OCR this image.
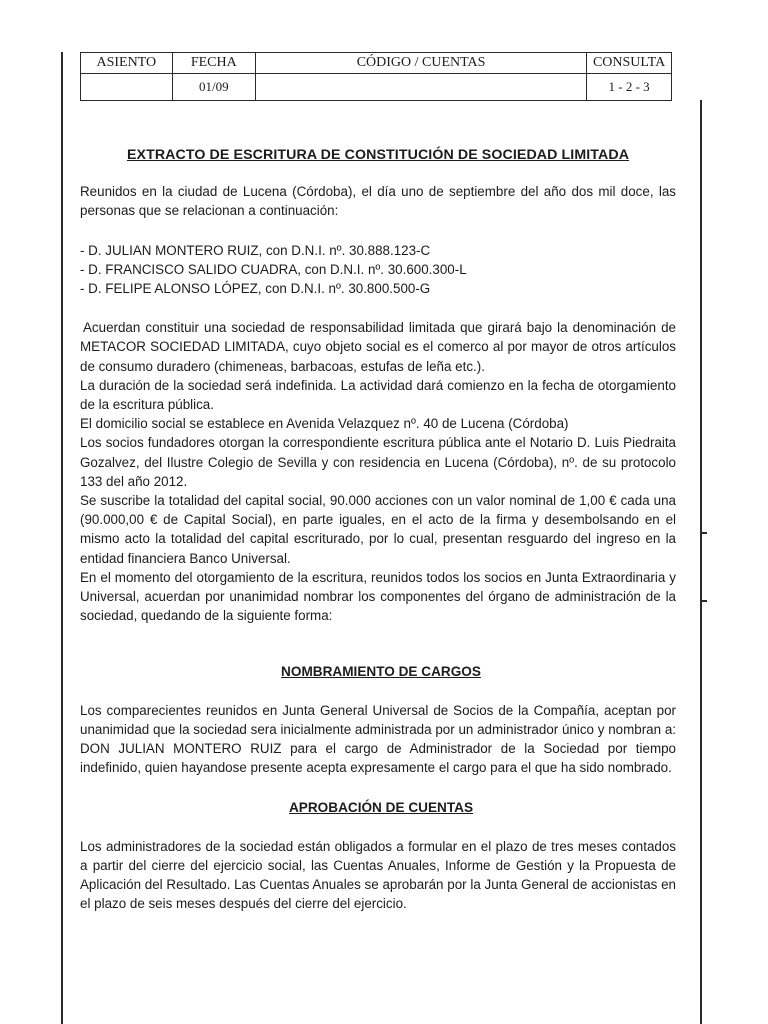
ASIENTO	FECHA	CÓDIGO / CUENTAS	CONSULTA
	01/09		1 - 2 - 3
EXTRACTO DE ESCRITURA DE CONSTITUCIÓN DE SOCIEDAD LIMITADA

Reunidos en la ciudad de Lucena (Córdoba), el día uno de septiembre del año dos mil doce, las personas que se relacionan a continuación:

- D. JULIAN MONTERO RUIZ, con D.N.I. nº. 30.888.123-C

- D. FRANCISCO SALIDO CUADRA, con D.N.I. nº. 30.600.300-L

- D. FELIPE ALONSO LÓPEZ, con D.N.I. nº. 30.800.500-G

Acuerdan constituir una sociedad de responsabilidad limitada que girará bajo la denominación de METACOR SOCIEDAD LIMITADA, cuyo objeto social es el comerco al por mayor de otros artículos de consumo duradero (chimeneas, barbacoas, estufas de leña etc.).

La duración de la sociedad será indefinida. La actividad dará comienzo en la fecha de otorgamiento de la escritura pública.

El domicilio social se establece en Avenida Velazquez nº. 40 de Lucena (Córdoba)

Los socios fundadores otorgan la correspondiente escritura pública ante el Notario D. Luis Piedraita Gozalvez, del Ilustre Colegio de Sevilla y con residencia en Lucena (Córdoba), nº. de su protocolo 133 del año 2012.

Se suscribe la totalidad del capital social, 90.000 acciones con un valor nominal de 1,00 € cada una (90.000,00 € de Capital Social), en parte iguales, en el acto de la firma y desembolsando en el mismo acto la totalidad del capital escriturado, por lo cual, presentan resguardo del ingreso en la entidad financiera Banco Universal.

En el momento del otorgamiento de la escritura, reunidos todos los socios en Junta Extraordinaria y Universal, acuerdan por unanimidad nombrar los componentes del órgano de administración de la sociedad, quedando de la siguiente forma:

NOMBRAMIENTO DE CARGOS

Los comparecientes reunidos en Junta General Universal de Socios de la Compañía, aceptan por unanimidad que la sociedad sera inicialmente administrada por un administrador único y nombran a: DON JULIAN MONTERO RUIZ para el cargo de Administrador de la Sociedad por tiempo indefinido, quien hayandose presente acepta expresamente el cargo para el que ha sido nombrado.

APROBACIÓN DE CUENTAS

Los administradores de la sociedad están obligados a formular en el plazo de tres meses contados a partir del cierre del ejercicio social, las Cuentas Anuales, Informe de Gestión y la Propuesta de Aplicación del Resultado. Las Cuentas Anuales se aprobarán por la Junta General de accionistas en el plazo de seis meses después del cierre del ejercicio.
